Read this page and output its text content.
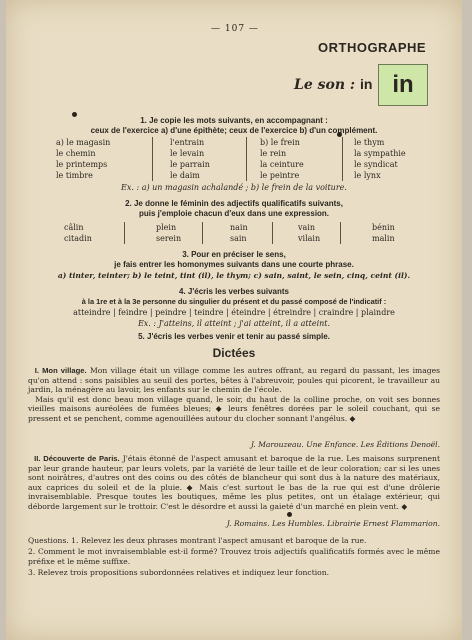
— 107 —
ORTHOGRAPHE
Le son : in in
1. Je copie les mots suivants, en accompagnant :
ceux de l'exercice a) d'une épithète; ceux de l'exercice b) d'un complément.
a) le magasin
le chemin
le printemps
le timbre
l'entrain
le levain
le parrain
le daim
b) le frein
le rein
la ceinture
le peintre
le thym
la sympathie
le syndicat
le lynx
Ex. : a) un magasin achalandé ; b) le frein de la voiture.
2. Je donne le féminin des adjectifs qualificatifs suivants,
puis j'emploie chacun d'eux dans une expression.
câlin
citadin
plein
serein
nain
sain
vain
vilain
bénin
malin
3. Pour en préciser le sens,
je fais entrer les homonymes suivants dans une courte phrase.
a) tinter, teinter; b) le teint, tint (il), le thym; c) sain, saint, le sein, cinq, ceint (il).
4. J'écris les verbes suivants
à la 1re et à la 3e personne du singulier du présent et du passé composé de l'indicatif :
atteindre | feindre | peindre | teindre | éteindre | étreindre | craindre | plaindre
Ex. : J'atteins, il atteint ; j'ai atteint, il a atteint.
5. J'écris les verbes venir et tenir au passé simple.
Dictées
I. Mon village. Mon village était un village comme les autres offrant, au regard du passant, les images qu'on attend : sons paisibles au seuil des portes, bêtes à l'abreuvoir, poules qui picorent, le travailleur au jardin, la ménagère au lavoir, les enfants sur le chemin de l'école.
Mais qu'il est donc beau mon village quand, le soir, du haut de la colline proche, on voit ses bonnes vieilles maisons auréolées de fumées bleues; ◆ leurs fenêtres dorées par le soleil couchant, qui se pressent et se penchent, comme agenouillées autour du clocher sonnant l'angélus. ◆
J. Marouzeau. Une Enfance. Les Éditions Denoël.
II. Découverte de Paris. J'étais étonné de l'aspect amusant et baroque de la rue. Les maisons surprenent par leur grande hauteur, par leurs volets, par la variété de leur taille et de leur coloration; car si les unes sont noirâtres, d'autres ont des coins ou des côtés de blancheur qui sont dus à la nature des matériaux, aux caprices du soleil et de la pluie. ◆ Mais c'est surtout le bas de la rue qui est d'une drôlerie invraisemblable. Presque toutes les boutiques, même les plus petites, ont un étalage extérieur, qui déborde largement sur le trottoir. C'est le désordre et aussi la gaieté d'un marché en plein vent. ◆
J. Romains. Les Humbles. Librairie Ernest Flammarion.
Questions. 1. Relevez les deux phrases montrant l'aspect amusant et baroque de la rue.
2. Comment le mot invraisemblable est-il formé? Trouvez trois adjectifs qualificatifs formés avec le même préfixe et le même suffixe.
3. Relevez trois propositions subordonnées relatives et indiquez leur fonction.
